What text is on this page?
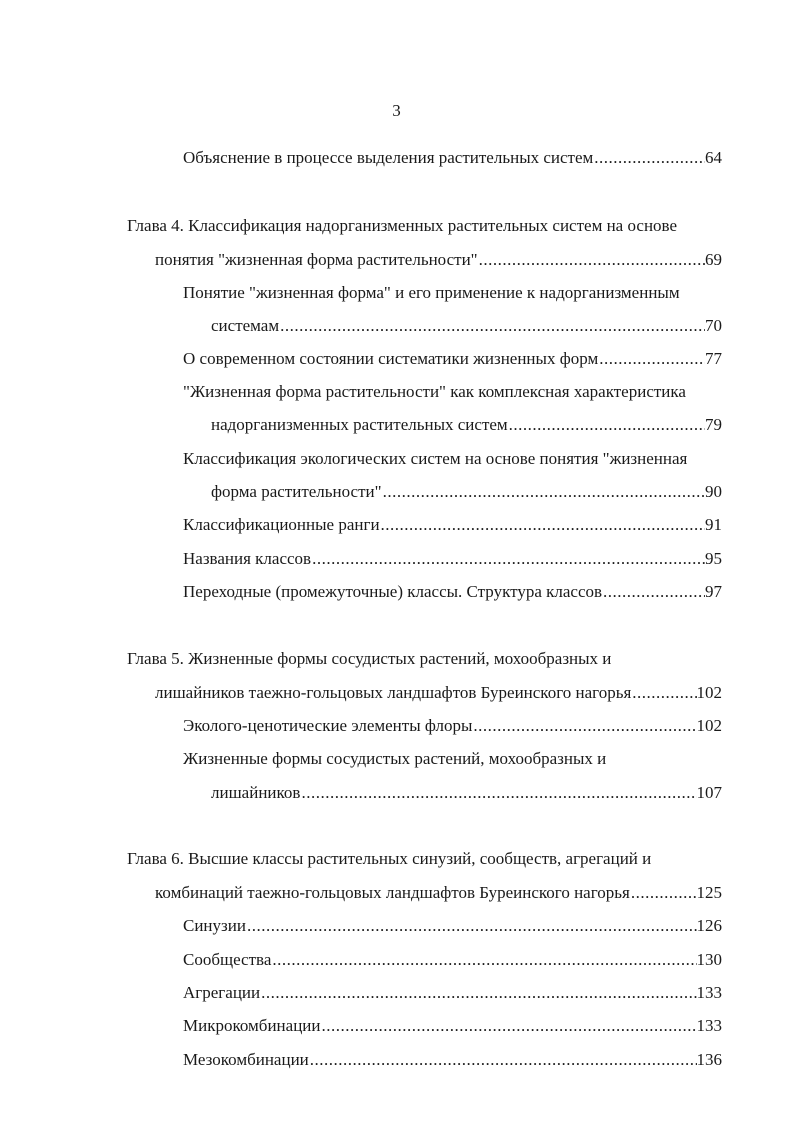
3
Объяснение в процессе выделения растительных систем .....	64
Глава 4. Классификация надорганизменных растительных систем на основе
понятия "жизненная форма растительности" .....	69
Понятие "жизненная форма" и его применение к надорганизменным
системам .....	70
О современном состоянии систематики жизненных форм .....	77
"Жизненная форма растительности" как комплексная характеристика
надорганизменных растительных систем .....	79
Классификация экологических систем на основе понятия "жизненная
форма растительности" .....	90
Классификационные ранги .....	91
Названия классов .....	95
Переходные (промежуточные) классы. Структура классов .....	97
Глава 5. Жизненные формы сосудистых растений, мохообразных и
лишайников таежно-гольцовых ландшафтов Буреинского нагорья .....	102
Эколого-ценотические элементы флоры .....	102
Жизненные формы сосудистых растений, мохообразных и
лишайников .....	107
Глава 6. Высшие классы растительных синузий, сообществ, агрегаций и
комбинаций таежно-гольцовых ландшафтов Буреинского нагорья .....	125
Синузии .....	126
Сообщества .....	130
Агрегации .....	133
Микрокомбинации .....	133
Мезокомбинации .....	136
